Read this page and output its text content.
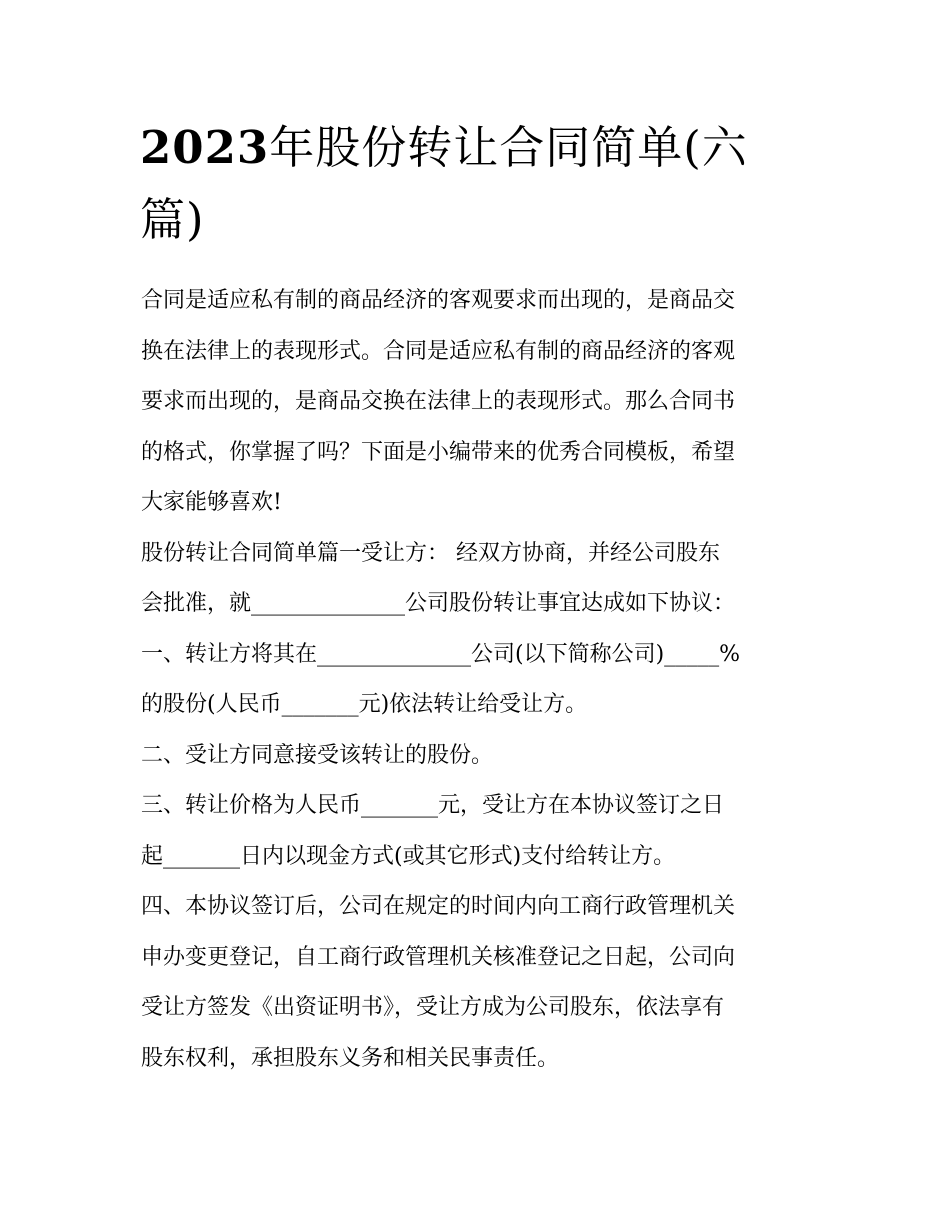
2023年股份转让合同简单(六
篇)

合同是适应私有制的商品经济的客观要求而出现的，是商品交
换在法律上的表现形式。合同是适应私有制的商品经济的客观
要求而出现的，是商品交换在法律上的表现形式。那么合同书
的格式，你掌握了吗？下面是小编带来的优秀合同模板，希望
大家能够喜欢!

股份转让合同简单篇一受让方： 经双方协商，并经公司股东
会批准，就______________公司股份转让事宜达成如下协议：

一、转让方将其在______________公司(以下简称公司)_____%
的股份(人民币_______元)依法转让给受让方。

二、受让方同意接受该转让的股份。

三、转让价格为人民币_______元，受让方在本协议签订之日
起_______日内以现金方式(或其它形式)支付给转让方。

四、本协议签订后，公司在规定的时间内向工商行政管理机关
申办变更登记，自工商行政管理机关核准登记之日起，公司向
受让方签发《出资证明书》，受让方成为公司股东，依法享有
股东权利，承担股东义务和相关民事责任。
